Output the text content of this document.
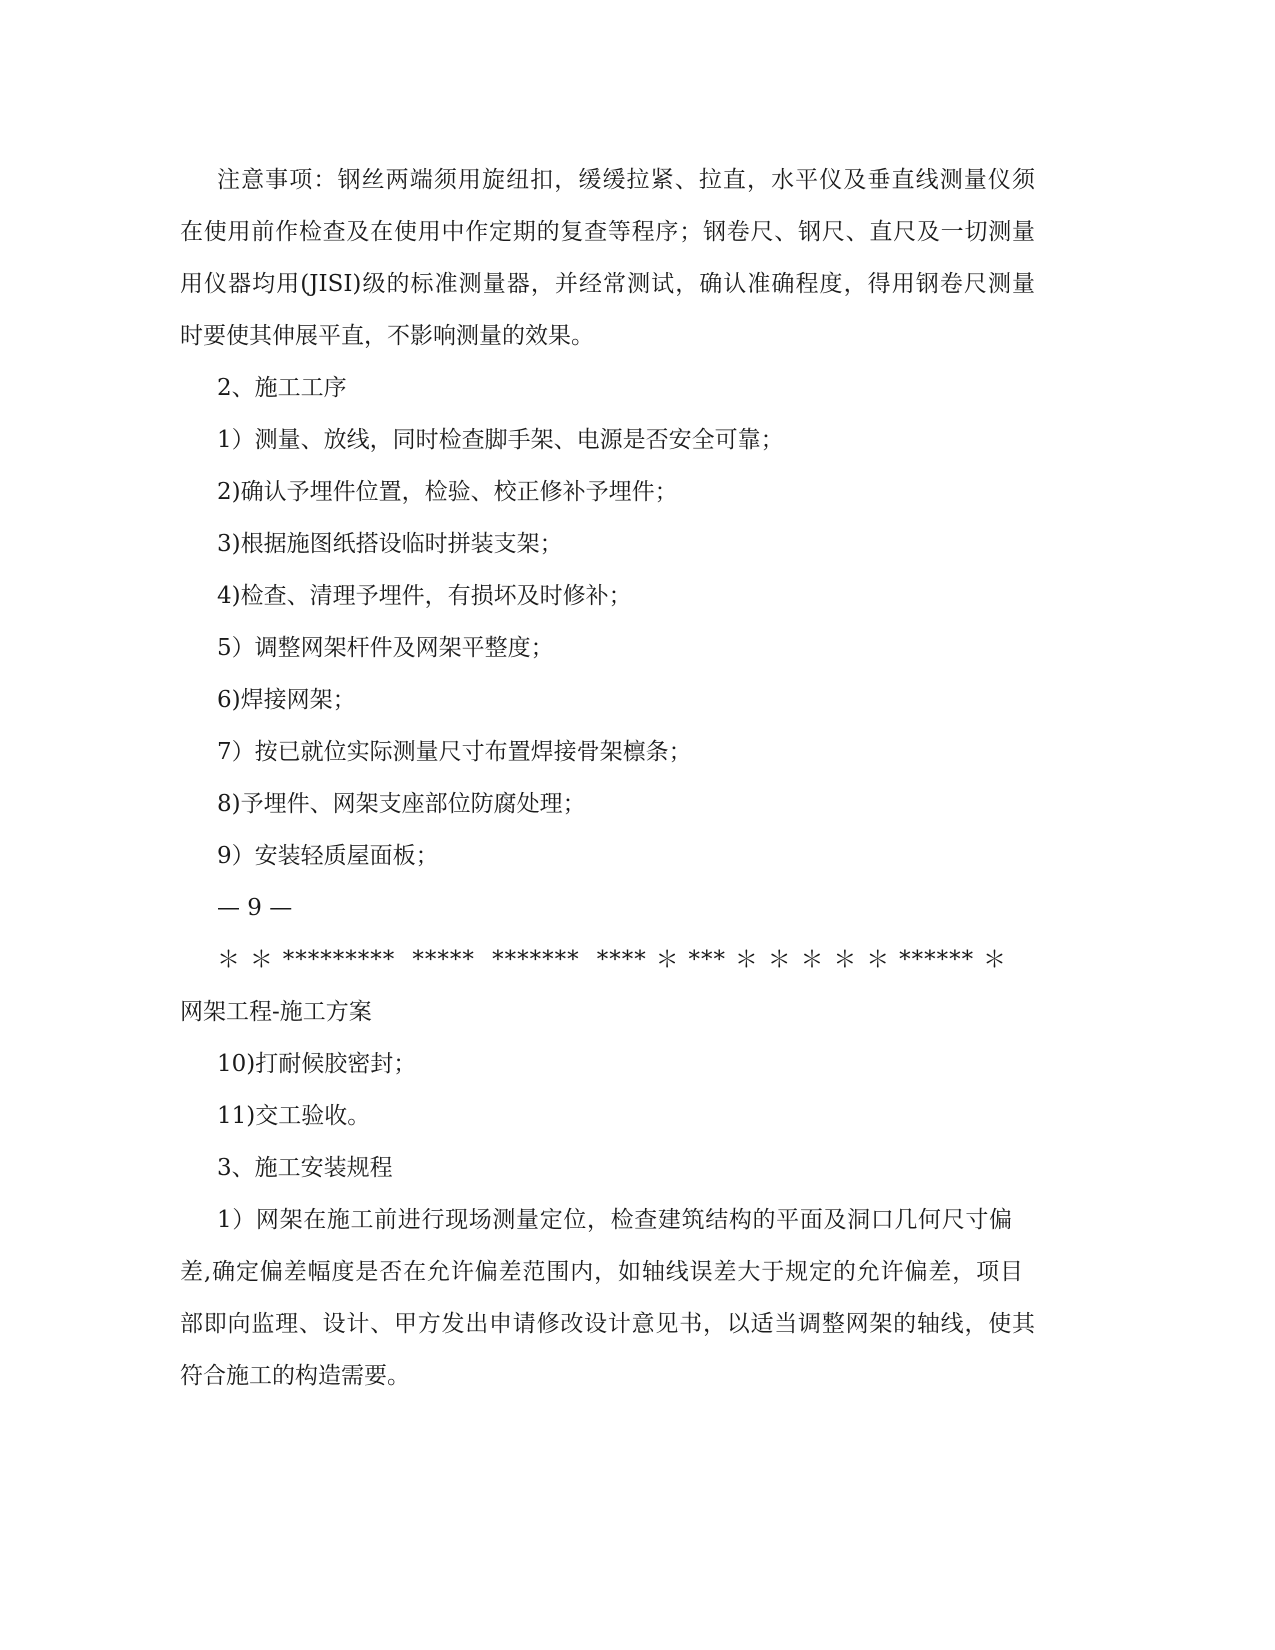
注意事项：钢丝两端须用旋纽扣，缓缓拉紧、拉直，水平仪及垂直线测量仪须
在使用前作检查及在使用中作定期的复查等程序；钢卷尺、钢尺、直尺及一切测量
用仪器均用(JISI)级的标准测量器，并经常测试，确认准确程度，得用钢卷尺测量
时要使其伸展平直，不影响测量的效果。
2、施工工序
1）测量、放线，同时检查脚手架、电源是否安全可靠；
2)确认予埋件位置，检验、校正修补予埋件；
3)根据施图纸搭设临时拼装支架；
4)检查、清理予埋件，有损坏及时修补；
5）调整网架杆件及网架平整度；
6)焊接网架；
7）按已就位实际测量尺寸布置焊接骨架檩条；
8)予埋件、网架支座部位防腐处理；
9）安装轻质屋面板；
— 9 —
＊＊********* ***** ******* ****＊***＊＊＊＊＊******＊
网架工程-施工方案
10)打耐候胶密封；
11)交工验收。
3、施工安装规程
1）网架在施工前进行现场测量定位，检查建筑结构的平面及洞口几何尺寸偏
差,确定偏差幅度是否在允许偏差范围内，如轴线误差大于规定的允许偏差，项目
部即向监理、设计、甲方发出申请修改设计意见书，以适当调整网架的轴线，使其
符合施工的构造需要。
